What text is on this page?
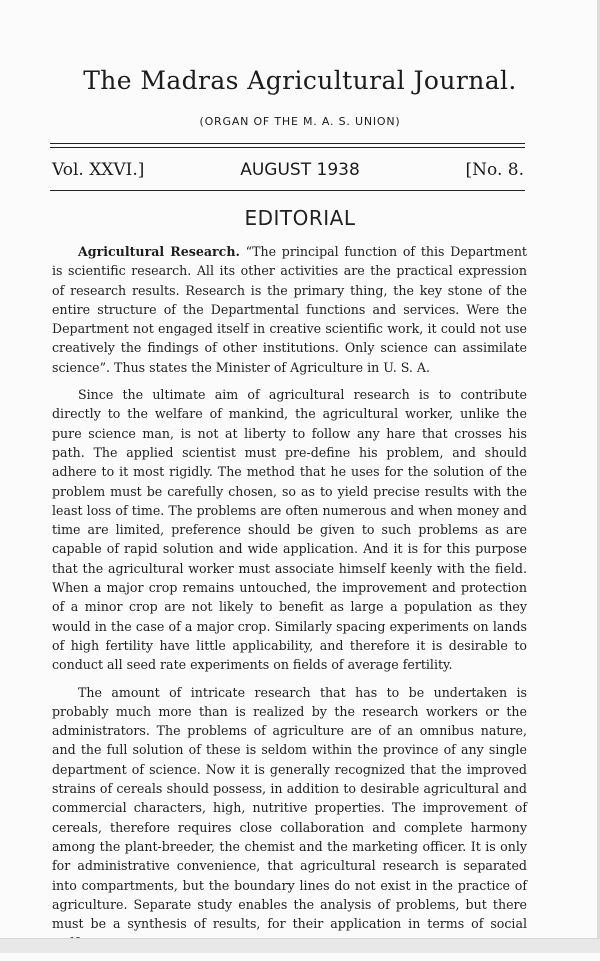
The Madras Agricultural Journal.
(ORGAN OF THE M. A. S. UNION)
Vol. XXVI.]	AUGUST 1938	[No. 8.
EDITORIAL

Agricultural Research. “The principal function of this Department is scientific research. All its other activities are the practical expression of research results. Research is the primary thing, the key stone of the entire structure of the Departmental functions and services. Were the Department not engaged itself in creative scientific work, it could not use creatively the findings of other institutions. Only science can assimilate science”. Thus states the Minister of Agriculture in U. S. A.

Since the ultimate aim of agricultural research is to contribute directly to the welfare of mankind, the agricultural worker, unlike the pure science man, is not at liberty to follow any hare that crosses his path. The applied scientist must pre-define his problem, and should adhere to it most rigidly. The method that he uses for the solution of the problem must be carefully chosen, so as to yield precise results with the least loss of time. The problems are often numerous and when money and time are limited, preference should be given to such problems as are capable of rapid solution and wide application. And it is for this purpose that the agricultural worker must associate himself keenly with the field. When a major crop remains untouched, the improvement and protection of a minor crop are not likely to benefit as large a population as they would in the case of a major crop. Similarly spacing experiments on lands of high fertility have little applicability, and therefore it is desirable to conduct all seed rate experiments on fields of average fertility.

The amount of intricate research that has to be undertaken is probably much more than is realized by the research workers or the administrators. The problems of agriculture are of an omnibus nature, and the full solution of these is seldom within the province of any single department of science. Now it is generally recognized that the improved strains of cereals should possess, in addition to desirable agricultural and commercial characters, high, nutritive properties. The improvement of cereals, therefore requires close collaboration and complete harmony among the plant-breeder, the chemist and the marketing officer. It is only for administrative convenience, that agricultural research is separated into compartments, but the boundary lines do not exist in the practice of agriculture. Separate study enables the analysis of problems, but there must be a synthesis of results, for their application in terms of social
